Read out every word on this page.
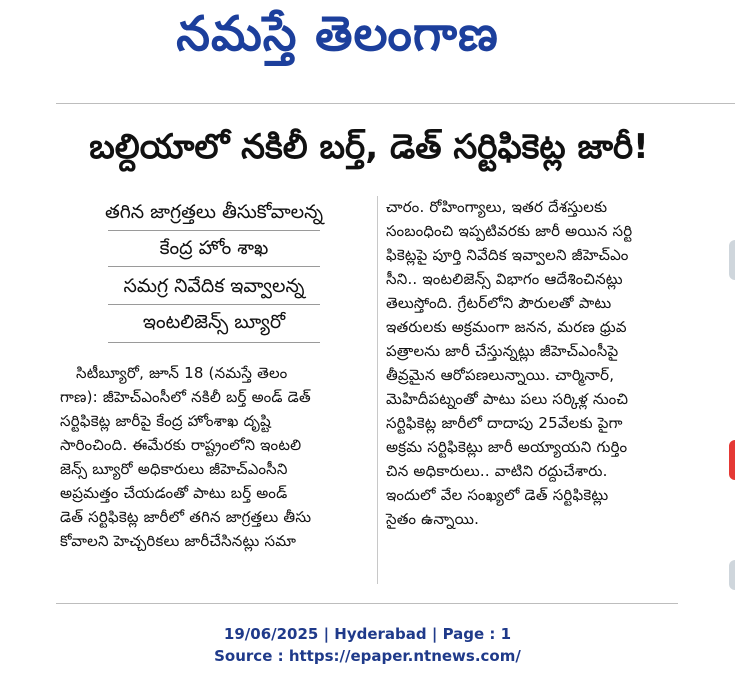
నమస్తే తెలంగాణ
బల్దియాలో నకిలీ బర్త్‌, డెత్‌ సర్టిఫికెట్ల జారీ!
తగిన జాగ్రత్తలు తీసుకోవాలన్న
కేంద్ర హోం శాఖ
సమగ్ర నివేదిక ఇవ్వాలన్న
ఇంటలిజెన్స్‌ బ్యూరో
సిటీబ్యూరో, జూన్‌ 18 (నమస్తే తెలం
గాణ): జీహెచ్‌ఎంసీలో నకిలీ బర్త్‌ అండ్‌ డెత్‌
సర్టిఫికెట్ల జారీపై కేంద్ర హోంశాఖ దృష్టి
సారించింది. ఈమేరకు రాష్ట్రంలోని ఇంటలి
జెన్స్‌ బ్యూరో అధికారులు జీహెచ్‌ఎంసీని
అప్రమత్తం చేయడంతో పాటు బర్త్‌ అండ్‌
డెత్‌ సర్టిఫికెట్ల జారీలో తగిన జాగ్రత్తలు తీసు
కోవాలని హెచ్చరికలు జారీచేసినట్లు సమా
చారం. రోహింగ్యాలు, ఇతర దేశస్తులకు
సంబంధించి ఇప్పటివరకు జారీ అయిన సర్టి
ఫికెట్లపై పూర్తి నివేదిక ఇవ్వాలని జీహెచ్‌ఎం
సీని.. ఇంటలిజెన్స్‌ విభాగం ఆదేశించినట్లు
తెలుస్తోంది. గ్రేటర్‌లోని పౌరులతో పాటు
ఇతరులకు అక్రమంగా జనన, మరణ ధ్రువ
పత్రాలను జారీ చేస్తున్నట్లు జీహెచ్‌ఎంసీపై
తీవ్రమైన ఆరోపణలున్నాయి. చార్మినార్‌,
మెహిదీపట్నంతో పాటు పలు సర్కిళ్ల నుంచి
సర్టిఫికెట్ల జారీలో దాదాపు 25వేలకు పైగా
అక్రమ సర్టిఫికెట్లు జారీ అయ్యాయని గుర్తిం
చిన అధికారులు.. వాటిని రద్దుచేశారు.
ఇందులో వేల సంఖ్యలో డెత్‌ సర్టిఫికెట్లు
సైతం ఉన్నాయి.
19/06/2025 | Hyderabad | Page : 1
Source : https://epaper.ntnews.com/
